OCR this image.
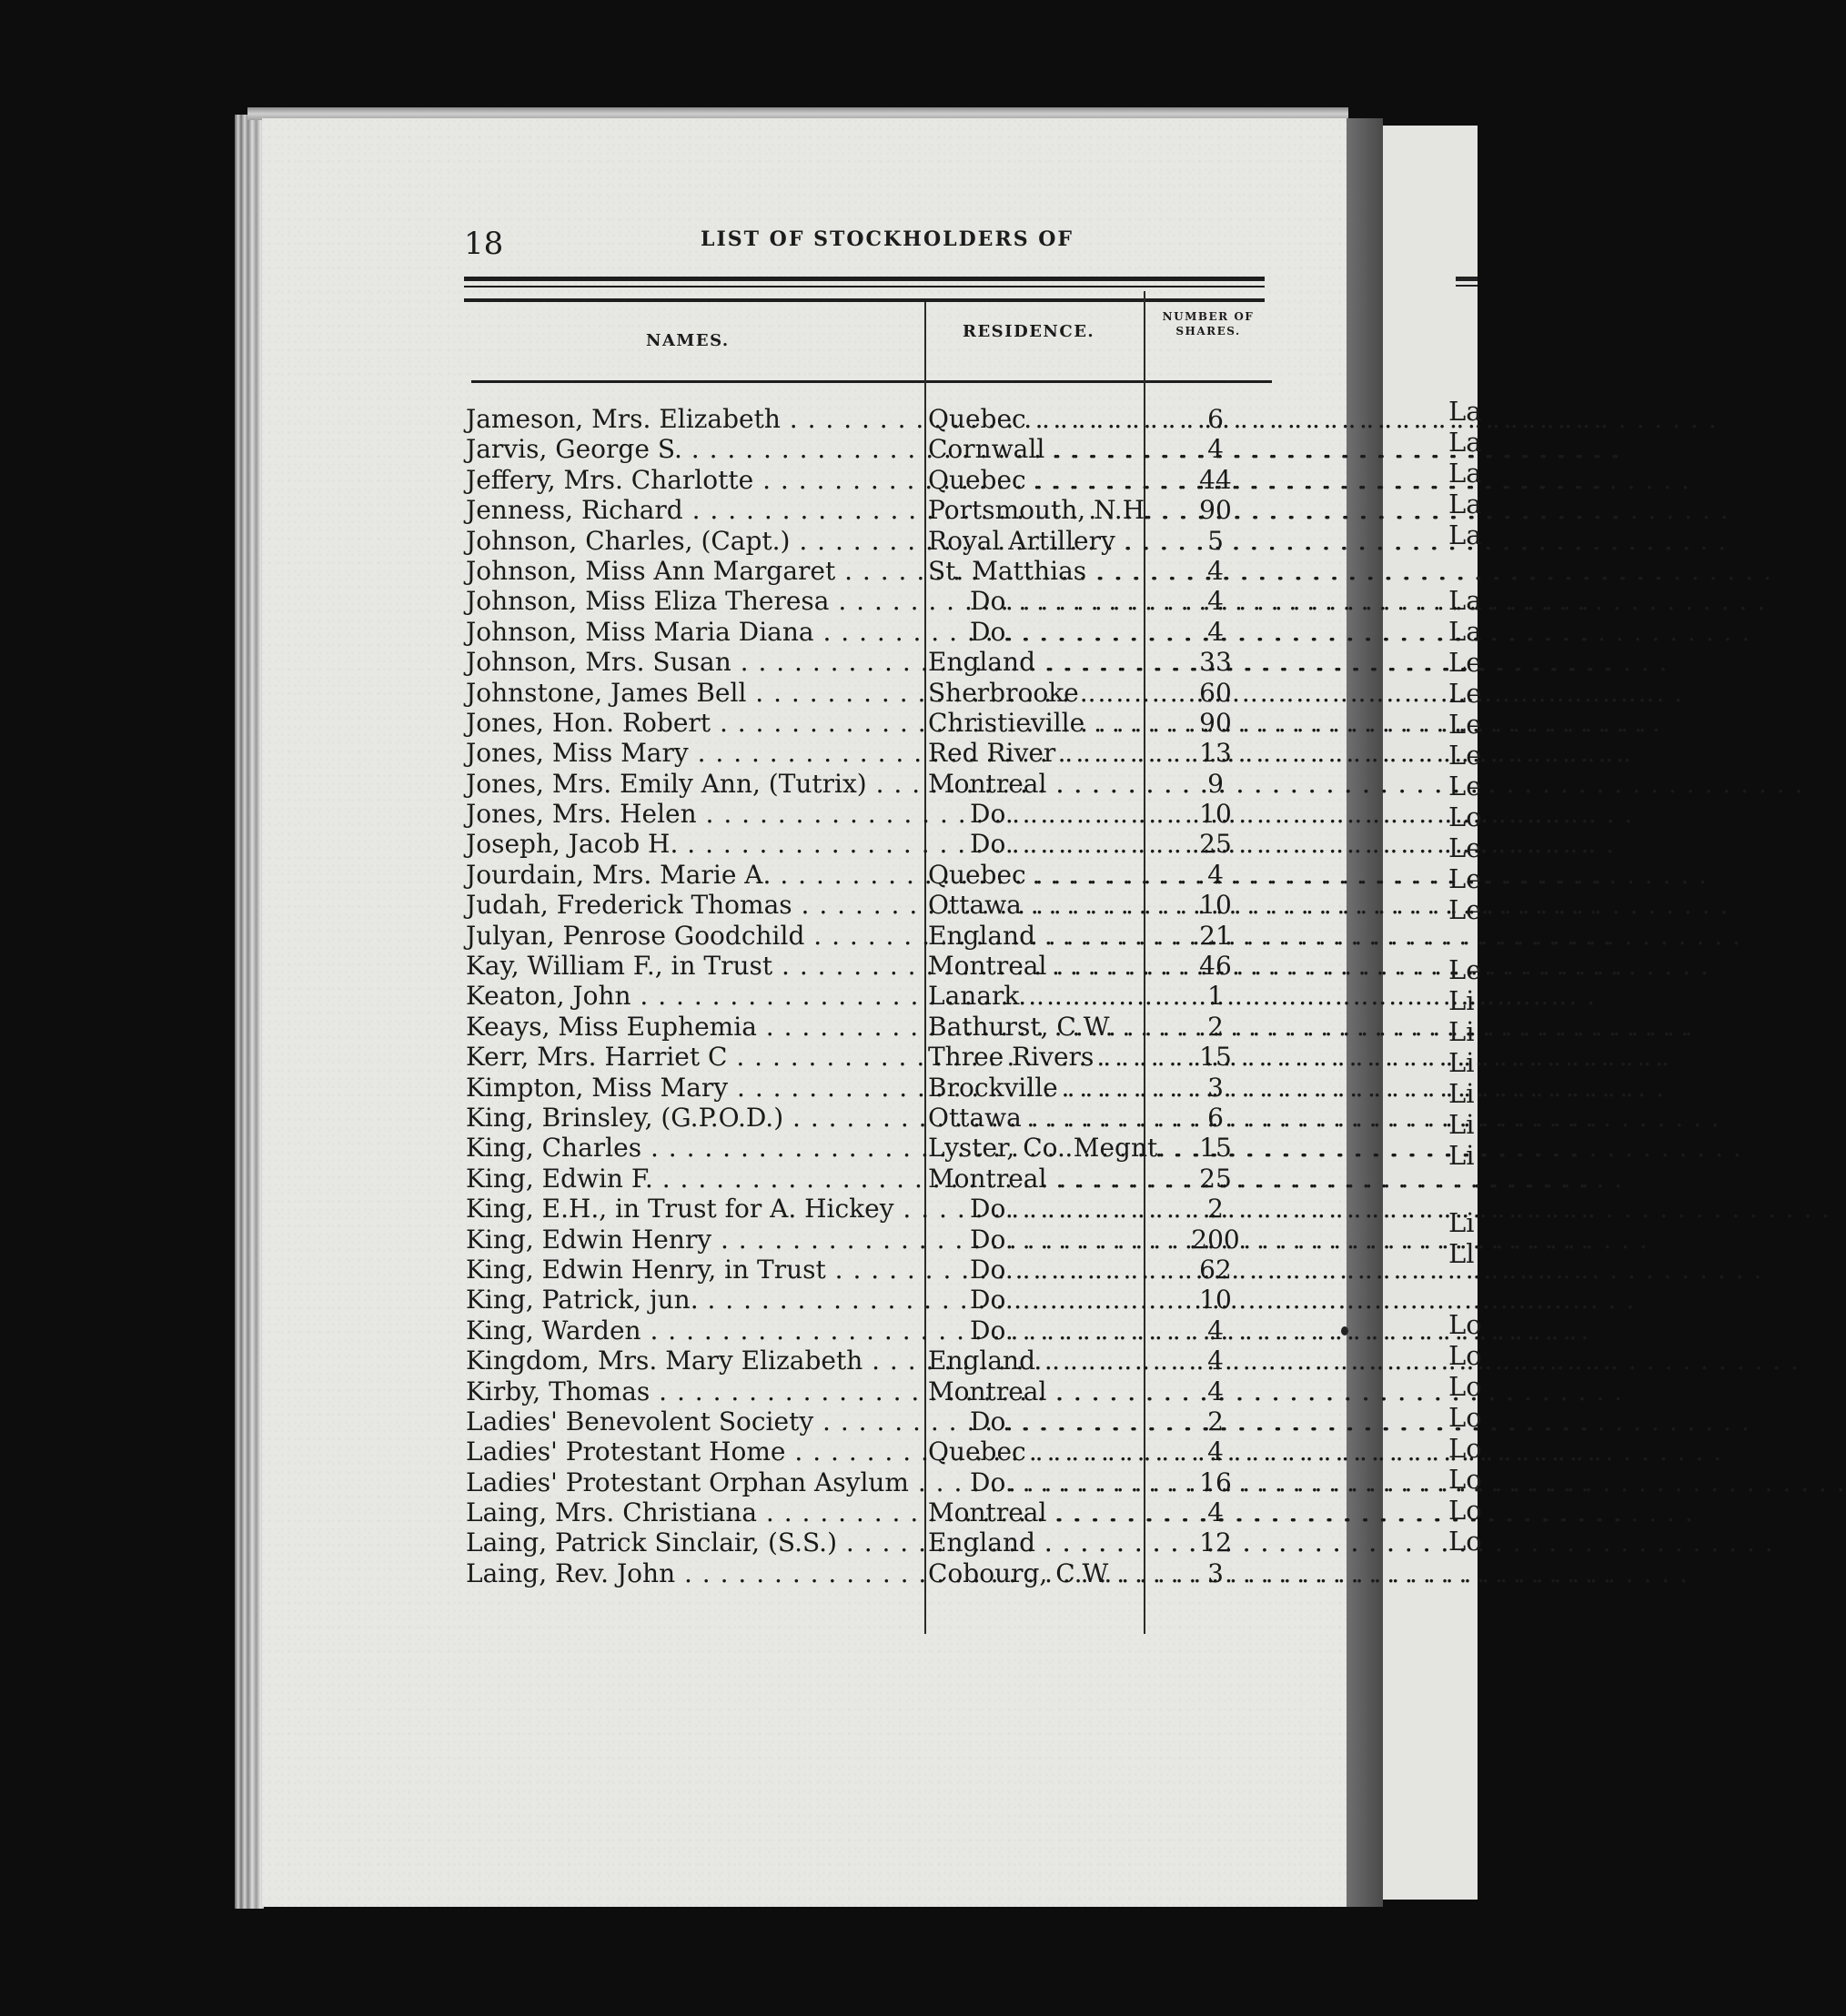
18	LIST OF STOCKHOLDERS OF
NAMES.	RESIDENCE.
NUMBER OF
SHARES.
Jameson, Mrs. Elizabeth . . .	Quebec . . .	6
Jarvis, George S. . . .	Cornwall . . .	4
Jeffery, Mrs. Charlotte . . .	Quebec . . .	44
Jenness, Richard . . .	Portsmouth, N.H. . . .	90
Johnson, Charles, (Capt.) . . .	Royal Artillery . . .	5
Johnson, Miss Ann Margaret . . .	St. Matthias . . .	4
Johnson, Miss Eliza Theresa . . .	Do. . . .	4
Johnson, Miss Maria Diana . . .	Do. . . .	4
Johnson, Mrs. Susan . . .	England . . .	33
Johnstone, James Bell . . .	Sherbrooke . . .	60
Jones, Hon. Robert . . .	Christieville . . .	90
Jones, Miss Mary . . .	Red River . . .	13
Jones, Mrs. Emily Ann, (Tutrix) . . .	Montreal . . .	9
Jones, Mrs. Helen . . .	Do. . . .	10
Joseph, Jacob H. . . .	Do. . . .	25
Jourdain, Mrs. Marie A. . . .	Quebec . . .	4
Judah, Frederick Thomas . . .	Ottawa . . .	10
Julyan, Penrose Goodchild . . .	England . . .	21
Kay, William F., in Trust . . .	Montreal . . .	46
Keaton, John . . .	Lanark . . .	1
Keays, Miss Euphemia . . .	Bathurst, C.W. . . .	2
Kerr, Mrs. Harriet C . . .	Three Rivers . . .	15
Kimpton, Miss Mary . . .	Brockville . . .	3
King, Brinsley, (G.P.O.D.) . . .	Ottawa . . .	6
King, Charles . . .	Lyster, Co. Megnt. . . .	15
King, Edwin F. . . .	Montreal . . .	25
King, E.H., in Trust for A. Hickey . . .	Do. . . .	2
King, Edwin Henry . . .	Do. . . .	200
King, Edwin Henry, in Trust . . .	Do. . . .	62
King, Patrick, jun. . . .	Do. . . .	10
King, Warden . . .	Do. . . .	4
Kingdom, Mrs. Mary Elizabeth . . .	England . . .	4
Kirby, Thomas . . .	Montreal . . .	4
Ladies' Benevolent Society . . .	Do. . . .	2
Ladies' Protestant Home . . .	Quebec . . .	4
Ladies' Protestant Orphan Asylum . . .	Do. . . .	16
Laing, Mrs. Christiana . . .	Montreal . . .	4
Laing, Patrick Sinclair, (S.S.) . . .	England . . .	12
Laing, Rev. John . . .	Cobourg, C.W. . . .	3
La
La
La
La
La
La
La
Le
Le
Le
Le
Le
Lo
Le
Le
Le
Le
Li
Li
Li
Li
Li
Li
Li
Ll
Lo
Lo
Lo
Lo
Lo
Lo
Lo
Lo
